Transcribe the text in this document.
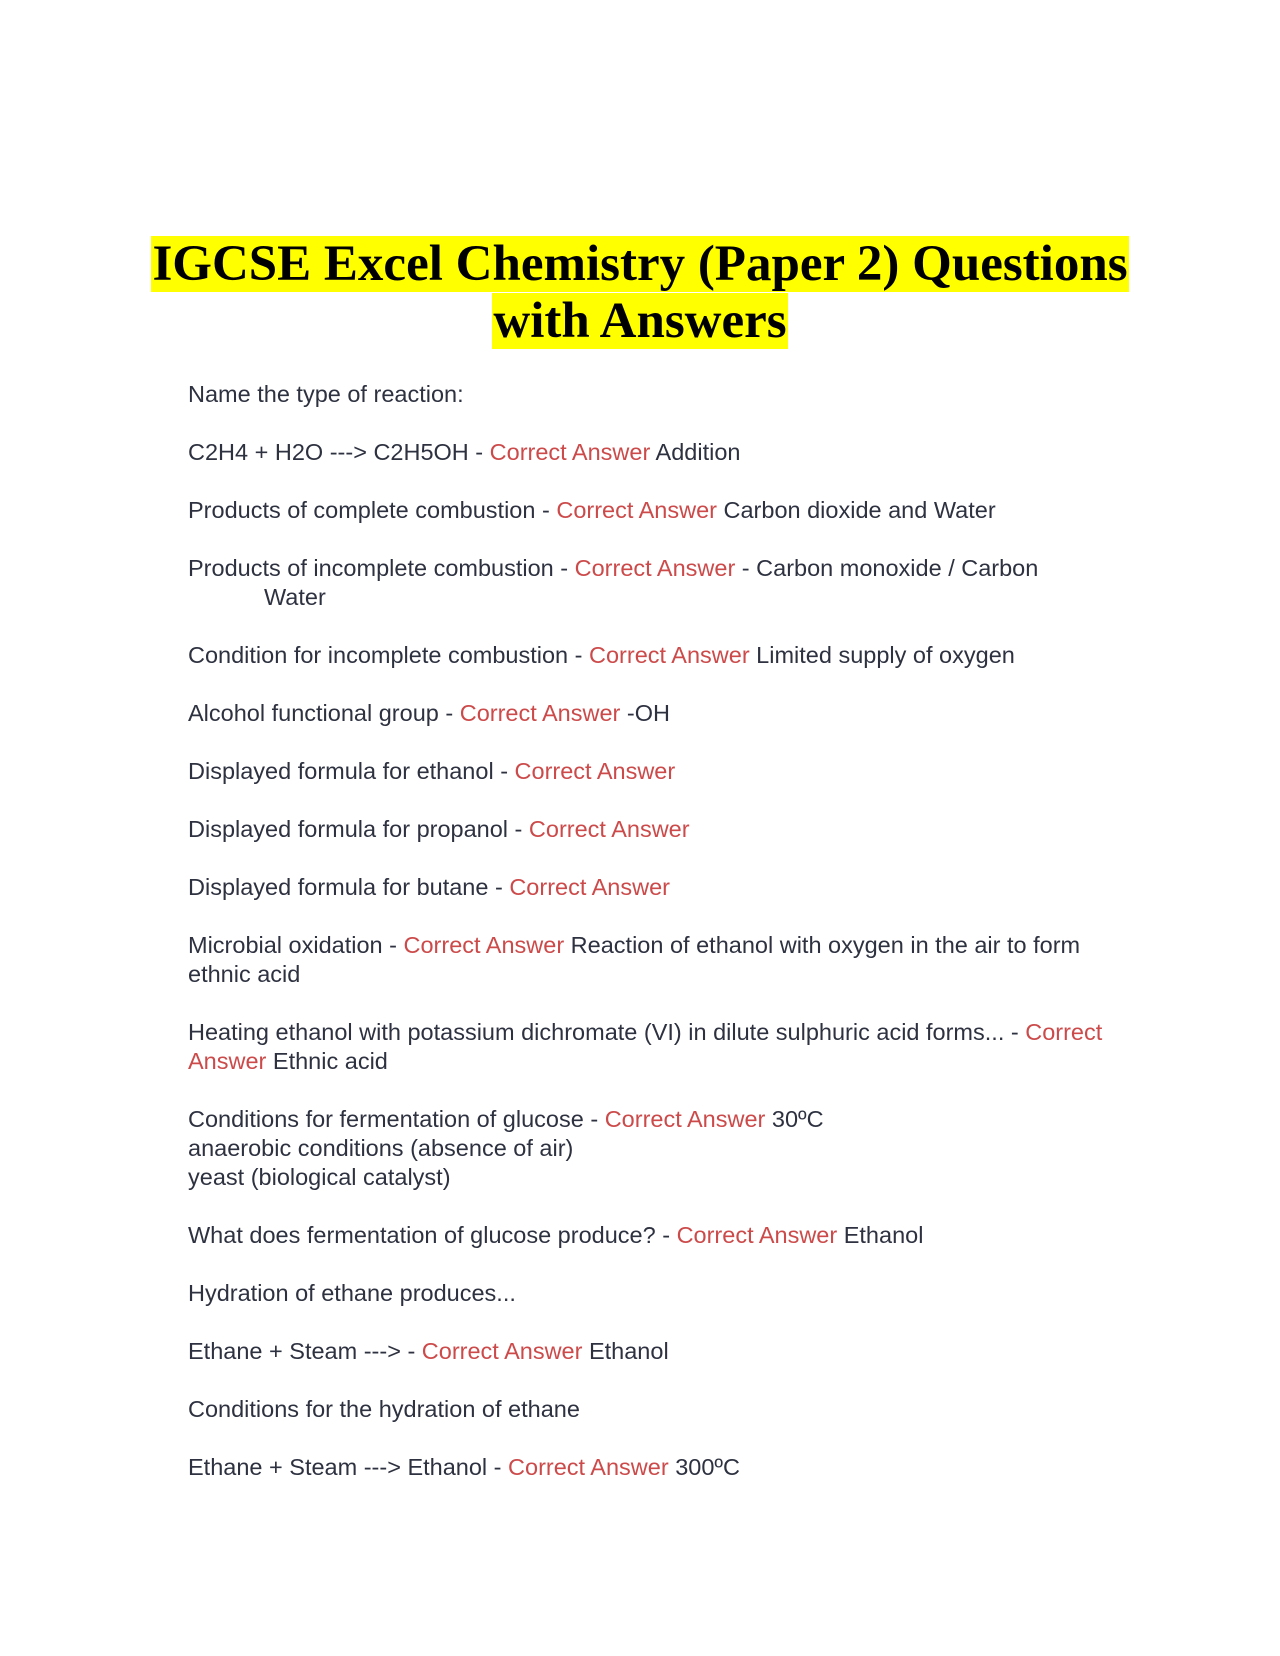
IGCSE Excel Chemistry (Paper 2) Questions
with Answers

Name the type of reaction:

C2H4 + H2O ---> C2H5OH - Correct Answer Addition

Products of complete combustion - Correct Answer Carbon dioxide and Water

Products of incomplete combustion - Correct Answer - Carbon monoxide / Carbon
Water

Condition for incomplete combustion - Correct Answer Limited supply of oxygen

Alcohol functional group - Correct Answer -OH

Displayed formula for ethanol - Correct Answer

Displayed formula for propanol - Correct Answer

Displayed formula for butane - Correct Answer

Microbial oxidation - Correct Answer Reaction of ethanol with oxygen in the air to form ethnic acid

Heating ethanol with potassium dichromate (VI) in dilute sulphuric acid forms... - Correct Answer Ethnic acid

Conditions for fermentation of glucose - Correct Answer 30ºC
anaerobic conditions (absence of air)
yeast (biological catalyst)

What does fermentation of glucose produce? - Correct Answer Ethanol

Hydration of ethane produces...

Ethane + Steam ---> - Correct Answer Ethanol

Conditions for the hydration of ethane

Ethane + Steam ---> Ethanol - Correct Answer 300ºC
